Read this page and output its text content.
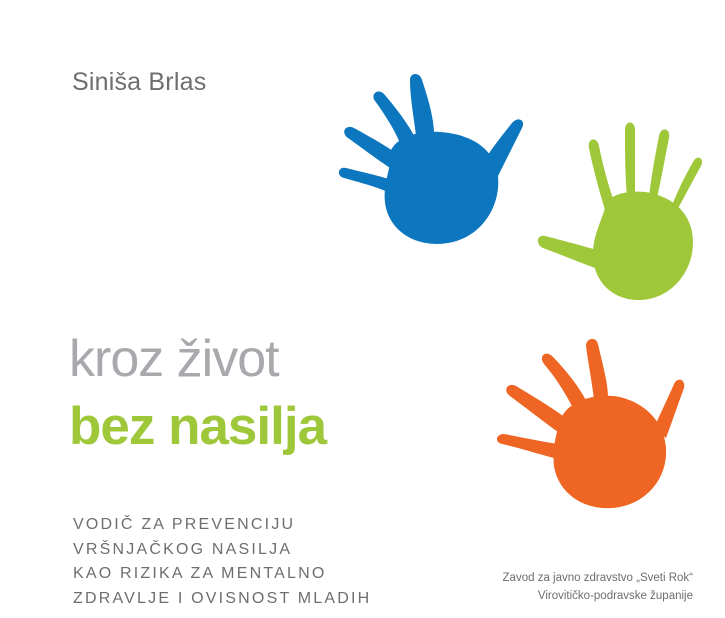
Siniša Brlas
kroz život
bez nasilja
VODIČ ZA PREVENCIJU
VRŠNJAČKOG NASILJA
KAO RIZIKA ZA MENTALNO
ZDRAVLJE I OVISNOST MLADIH
Zavod za javno zdravstvo „Sveti Rok“
Virovitičko-podravske županije
